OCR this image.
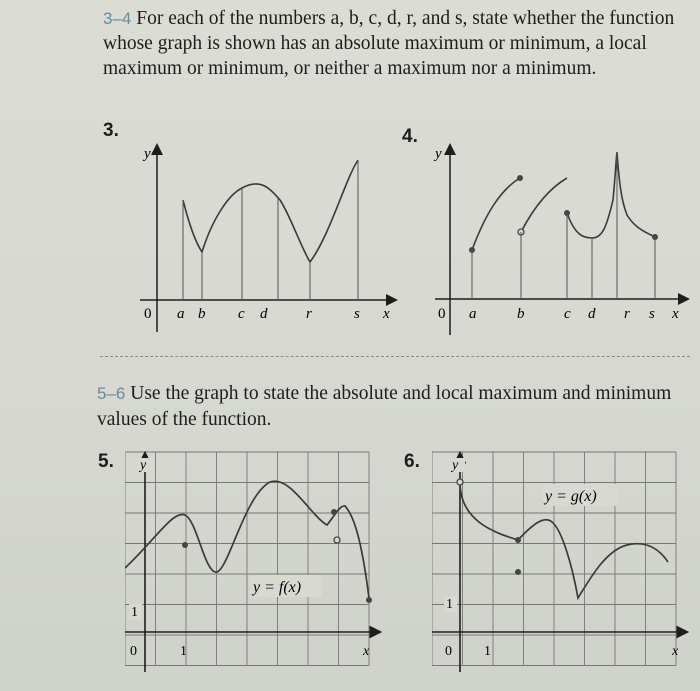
3–4 For each of the numbers a, b, c, d, r, and s, state whether the function whose graph is shown has an absolute maximum or minimum, a local maximum or minimum, or neither a maximum nor a minimum.
3.	4.
y
0 a b c d	r	s x
y
0 a	b	c d r s x
5–6 Use the graph to state the absolute and local maximum and minimum values of the function.
5.	6.
y
y = f(x)
1
0	1	x
y
y = g(x)
1
0 1	x
